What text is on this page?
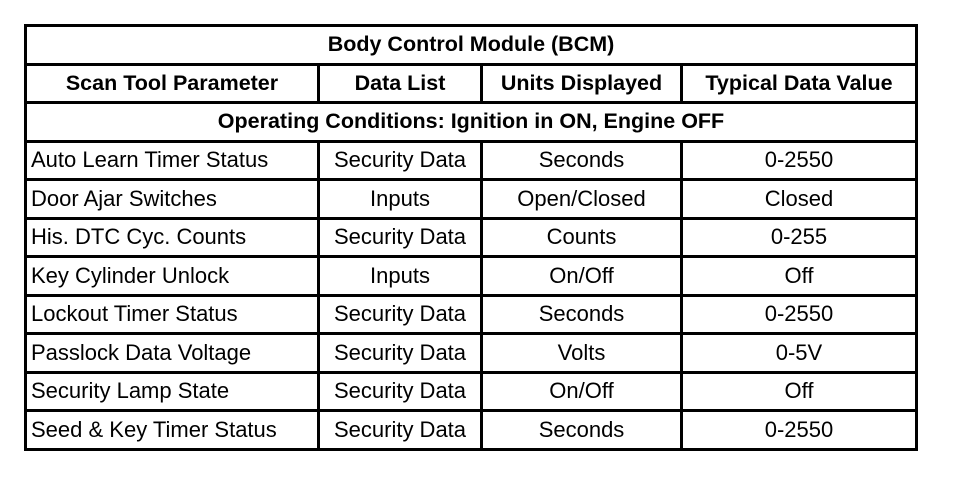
Body Control Module (BCM)			
Scan Tool Parameter	Data List	Units Displayed	Typical Data Value
Operating Conditions: Ignition in ON, Engine OFF			
Auto Learn Timer Status	Security Data	Seconds	0-2550
Door Ajar Switches	Inputs	Open/Closed	Closed
His. DTC Cyc. Counts	Security Data	Counts	0-255
Key Cylinder Unlock	Inputs	On/Off	Off
Lockout Timer Status	Security Data	Seconds	0-2550
Passlock Data Voltage	Security Data	Volts	0-5V
Security Lamp State	Security Data	On/Off	Off
Seed & Key Timer Status	Security Data	Seconds	0-2550
